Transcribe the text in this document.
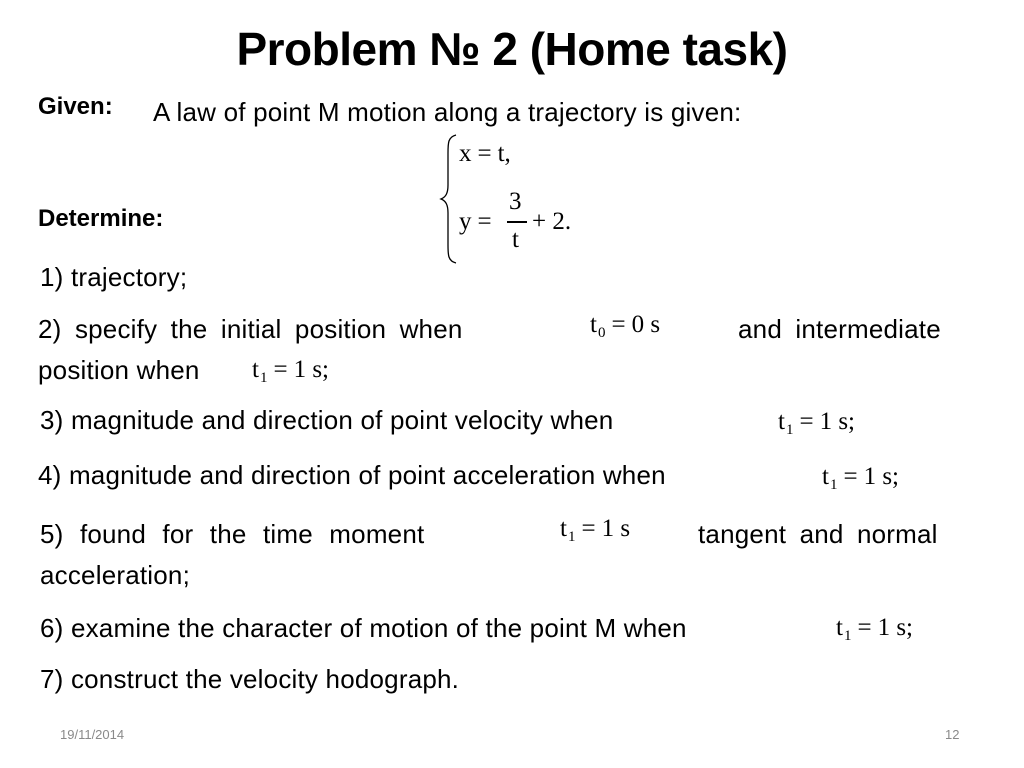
Problem № 2 (Home task)
Given: A law of point M motion along a trajectory is given:
x = t,
y =
3
t
+ 2.
Determine:
1) trajectory;
2) specify the initial position when	$t_0 = 0$ s	and intermediate
position when $t_1 = 1$ s;
3) magnitude and direction of point velocity when	$t_1 = 1$ s;
4) magnitude and direction of point acceleration when	$t_1 = 1$ s;
5) found for the time moment	$t_1 = 1$ s	tangent and normal
acceleration;
6) examine the character of motion of the point M when	$t_1 = 1$ s;
7) construct the velocity hodograph.
19/11/2014	12
